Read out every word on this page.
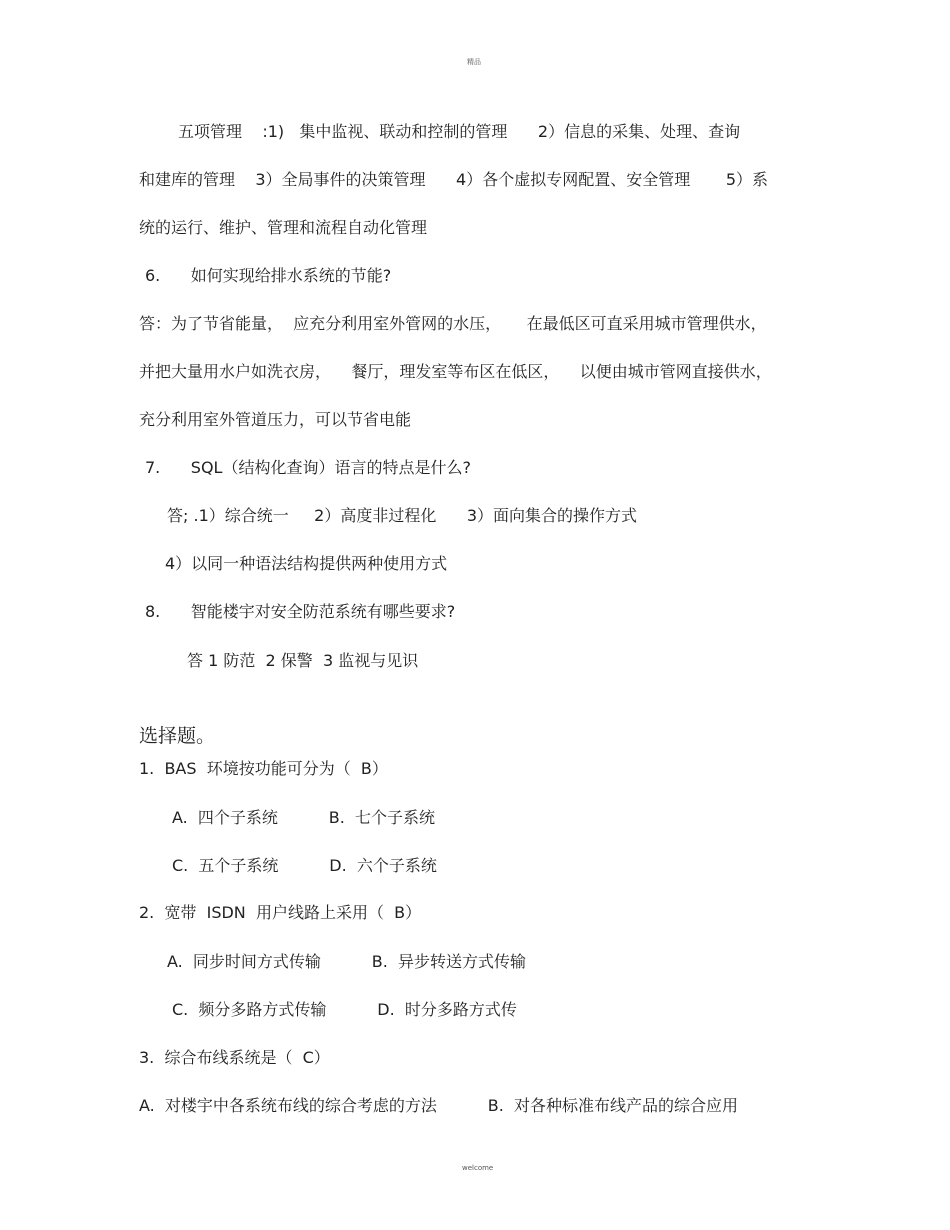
精品
五项管理    :1)   集中监视、联动和控制的管理      2）信息的采集、处理、查询
和建库的管理    3）全局事件的决策管理      4）各个虚拟专网配置、安全管理       5）系
统的运行、维护、管理和流程自动化管理
6.      如何实现给排水系统的节能?
答：为了节省能量，  应充分利用室外管网的水压，     在最低区可直采用城市管理供水，
并把大量用水户如洗衣房，    餐厅，理发室等布区在低区，    以便由城市管网直接供水，
充分利用室外管道压力，可以节省电能
7.      SQL（结构化查询）语言的特点是什么?
答; .1）综合统一     2）高度非过程化      3）面向集合的操作方式
4）以同一种语法结构提供两种使用方式
8.      智能楼宇对安全防范系统有哪些要求?
答 1 防范  2 保警  3 监视与见识
选择题。
1.  BAS  环境按功能可分为（  B）
A.  四个子系统          B.  七个子系统
C.  五个子系统          D.  六个子系统
2.  宽带  ISDN  用户线路上采用（  B）
A.  同步时间方式传输          B.  异步转送方式传输
C.  频分多路方式传输          D.  时分多路方式传
3.  综合布线系统是（  C）
A.  对楼宇中各系统布线的综合考虑的方法          B.  对各种标准布线产品的综合应用
welcome
